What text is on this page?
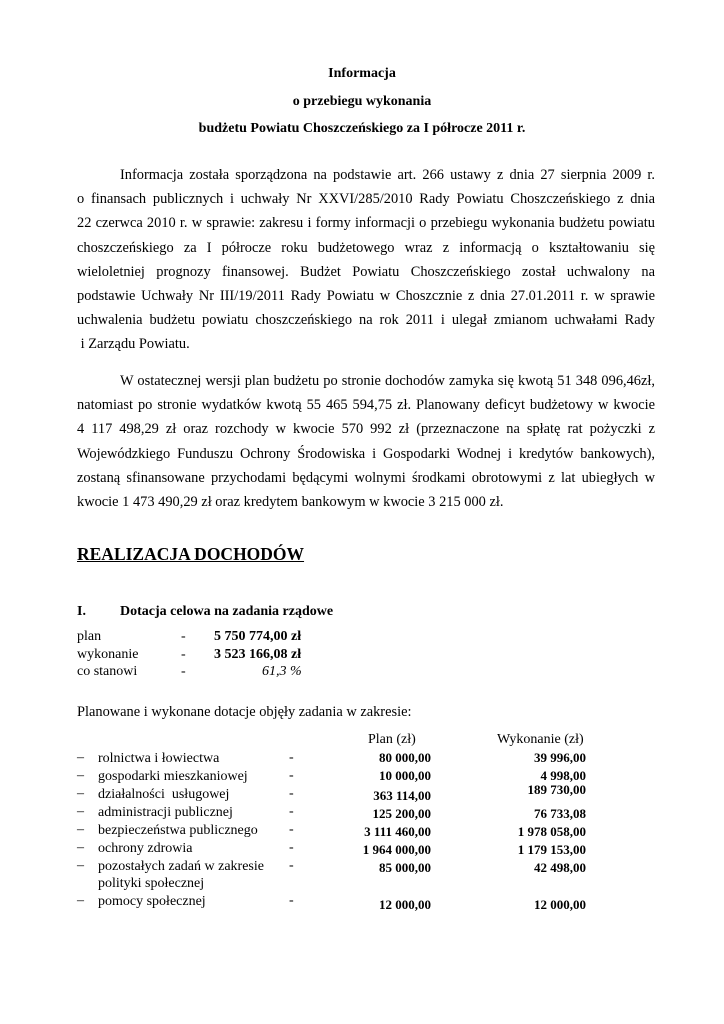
Informacja
o przebiegu wykonania
budżetu Powiatu Choszczeńskiego za I półrocze 2011 r.
Informacja została sporządzona na podstawie art. 266 ustawy z dnia 27 sierpnia 2009 r.
o finansach publicznych i uchwały Nr XXVI/285/2010 Rady Powiatu Choszczeńskiego z dnia
22 czerwca 2010 r. w sprawie: zakresu i formy informacji o przebiegu wykonania budżetu powiatu
choszczeńskiego za I półrocze roku budżetowego wraz z informacją o kształtowaniu się
wieloletniej prognozy finansowej. Budżet Powiatu Choszczeńskiego został uchwalony na
podstawie Uchwały Nr III/19/2011 Rady Powiatu w Choszcznie z dnia 27.01.2011 r. w sprawie
uchwalenia budżetu powiatu choszczeńskiego na rok 2011 i ulegał zmianom uchwałami Rady
i Zarządu Powiatu.
W ostatecznej wersji plan budżetu po stronie dochodów zamyka się kwotą 51 348 096,46zł,
natomiast po stronie wydatków kwotą 55 465 594,75 zł. Planowany deficyt budżetowy w kwocie
4 117 498,29 zł oraz rozchody w kwocie 570 992 zł (przeznaczone na spłatę rat pożyczki z
Wojewódzkiego Funduszu Ochrony Środowiska i Gospodarki Wodnej i kredytów bankowych),
zostaną sfinansowane przychodami będącymi wolnymi środkami obrotowymi z lat ubiegłych w
kwocie 1 473 490,29 zł oraz kredytem bankowym w kwocie 3 215 000 zł.
REALIZACJA DOCHODÓW
I. Dotacja celowa na zadania rządowe
plan	- 5 750 774,00 zł
wykonanie	- 3 523 166,08 zł
co stanowi	-	61,3 %
Planowane i wykonane dotacje objęły zadania w zakresie:
Plan (zł)	Wykonanie (zł)
– rolnictwa i łowiectwa	-	80 000,00	39 996,00
– gospodarki mieszkaniowej	-	10 000,00	4 998,00
– działalności  usługowej	-	363 114,00	189 730,00
– administracji publicznej	-	125 200,00	76 733,08
– bezpieczeństwa publicznego	-	3 111 460,00	1 978 058,00
– ochrony zdrowia	-	1 964 000,00	1 179 153,00
– pozostałych zadań w zakresie polityki społecznej
-	85 000,00	42 498,00
– pomocy społecznej	-	12 000,00	12 000,00
